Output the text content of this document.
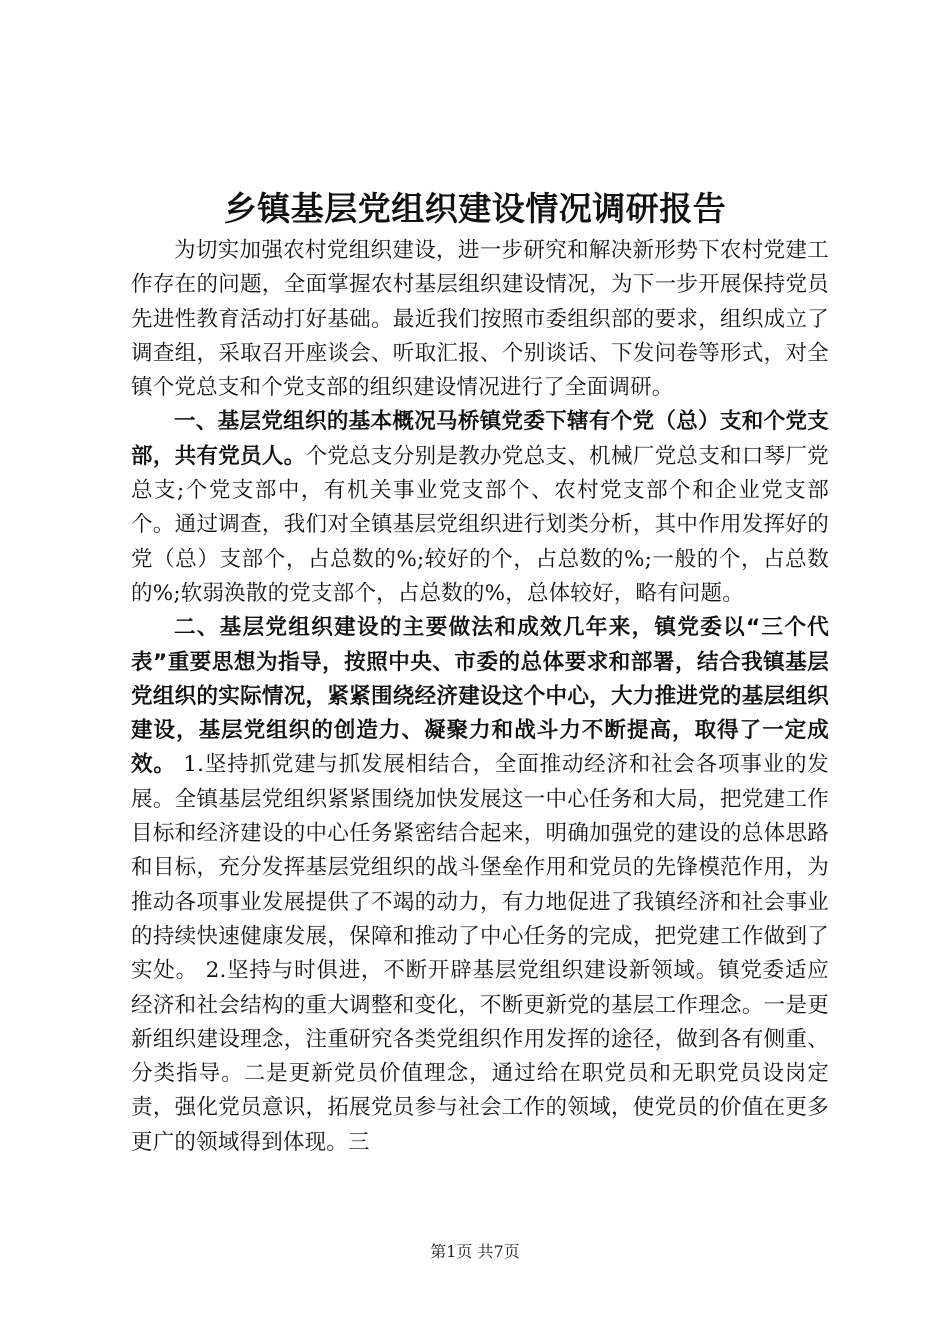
乡镇基层党组织建设情况调研报告

为切实加强农村党组织建设，进一步研究和解决新形势下农村党建工作存在的问题，全面掌握农村基层组织建设情况，为下一步开展保持党员先进性教育活动打好基础。最近我们按照市委组织部的要求，组织成立了调查组，采取召开座谈会、听取汇报、个别谈话、下发问卷等形式，对全镇个党总支和个党支部的组织建设情况进行了全面调研。

一、基层党组织的基本概况马桥镇党委下辖有个党（总）支和个党支部，共有党员人。个党总支分别是教办党总支、机械厂党总支和口琴厂党总支;个党支部中，有机关事业党支部个、农村党支部个和企业党支部个。通过调查，我们对全镇基层党组织进行划类分析，其中作用发挥好的党（总）支部个，占总数的%;较好的个，占总数的%;一般的个，占总数的%;软弱涣散的党支部个，占总数的%，总体较好，略有问题。

二、基层党组织建设的主要做法和成效几年来，镇党委以“三个代表”重要思想为指导，按照中央、市委的总体要求和部署，结合我镇基层党组织的实际情况，紧紧围绕经济建设这个中心，大力推进党的基层组织建设，基层党组织的创造力、凝聚力和战斗力不断提高，取得了一定成效。 1.坚持抓党建与抓发展相结合，全面推动经济和社会各项事业的发展。全镇基层党组织紧紧围绕加快发展这一中心任务和大局，把党建工作目标和经济建设的中心任务紧密结合起来，明确加强党的建设的总体思路和目标，充分发挥基层党组织的战斗堡垒作用和党员的先锋模范作用，为推动各项事业发展提供了不竭的动力，有力地促进了我镇经济和社会事业的持续快速健康发展，保障和推动了中心任务的完成，把党建工作做到了实处。 2.坚持与时俱进，不断开辟基层党组织建设新领域。镇党委适应经济和社会结构的重大调整和变化，不断更新党的基层工作理念。一是更新组织建设理念，注重研究各类党组织作用发挥的途径，做到各有侧重、分类指导。二是更新党员价值理念，通过给在职党员和无职党员设岗定责，强化党员意识，拓展党员参与社会工作的领域，使党员的价值在更多更广的领域得到体现。三

第1页 共7页
